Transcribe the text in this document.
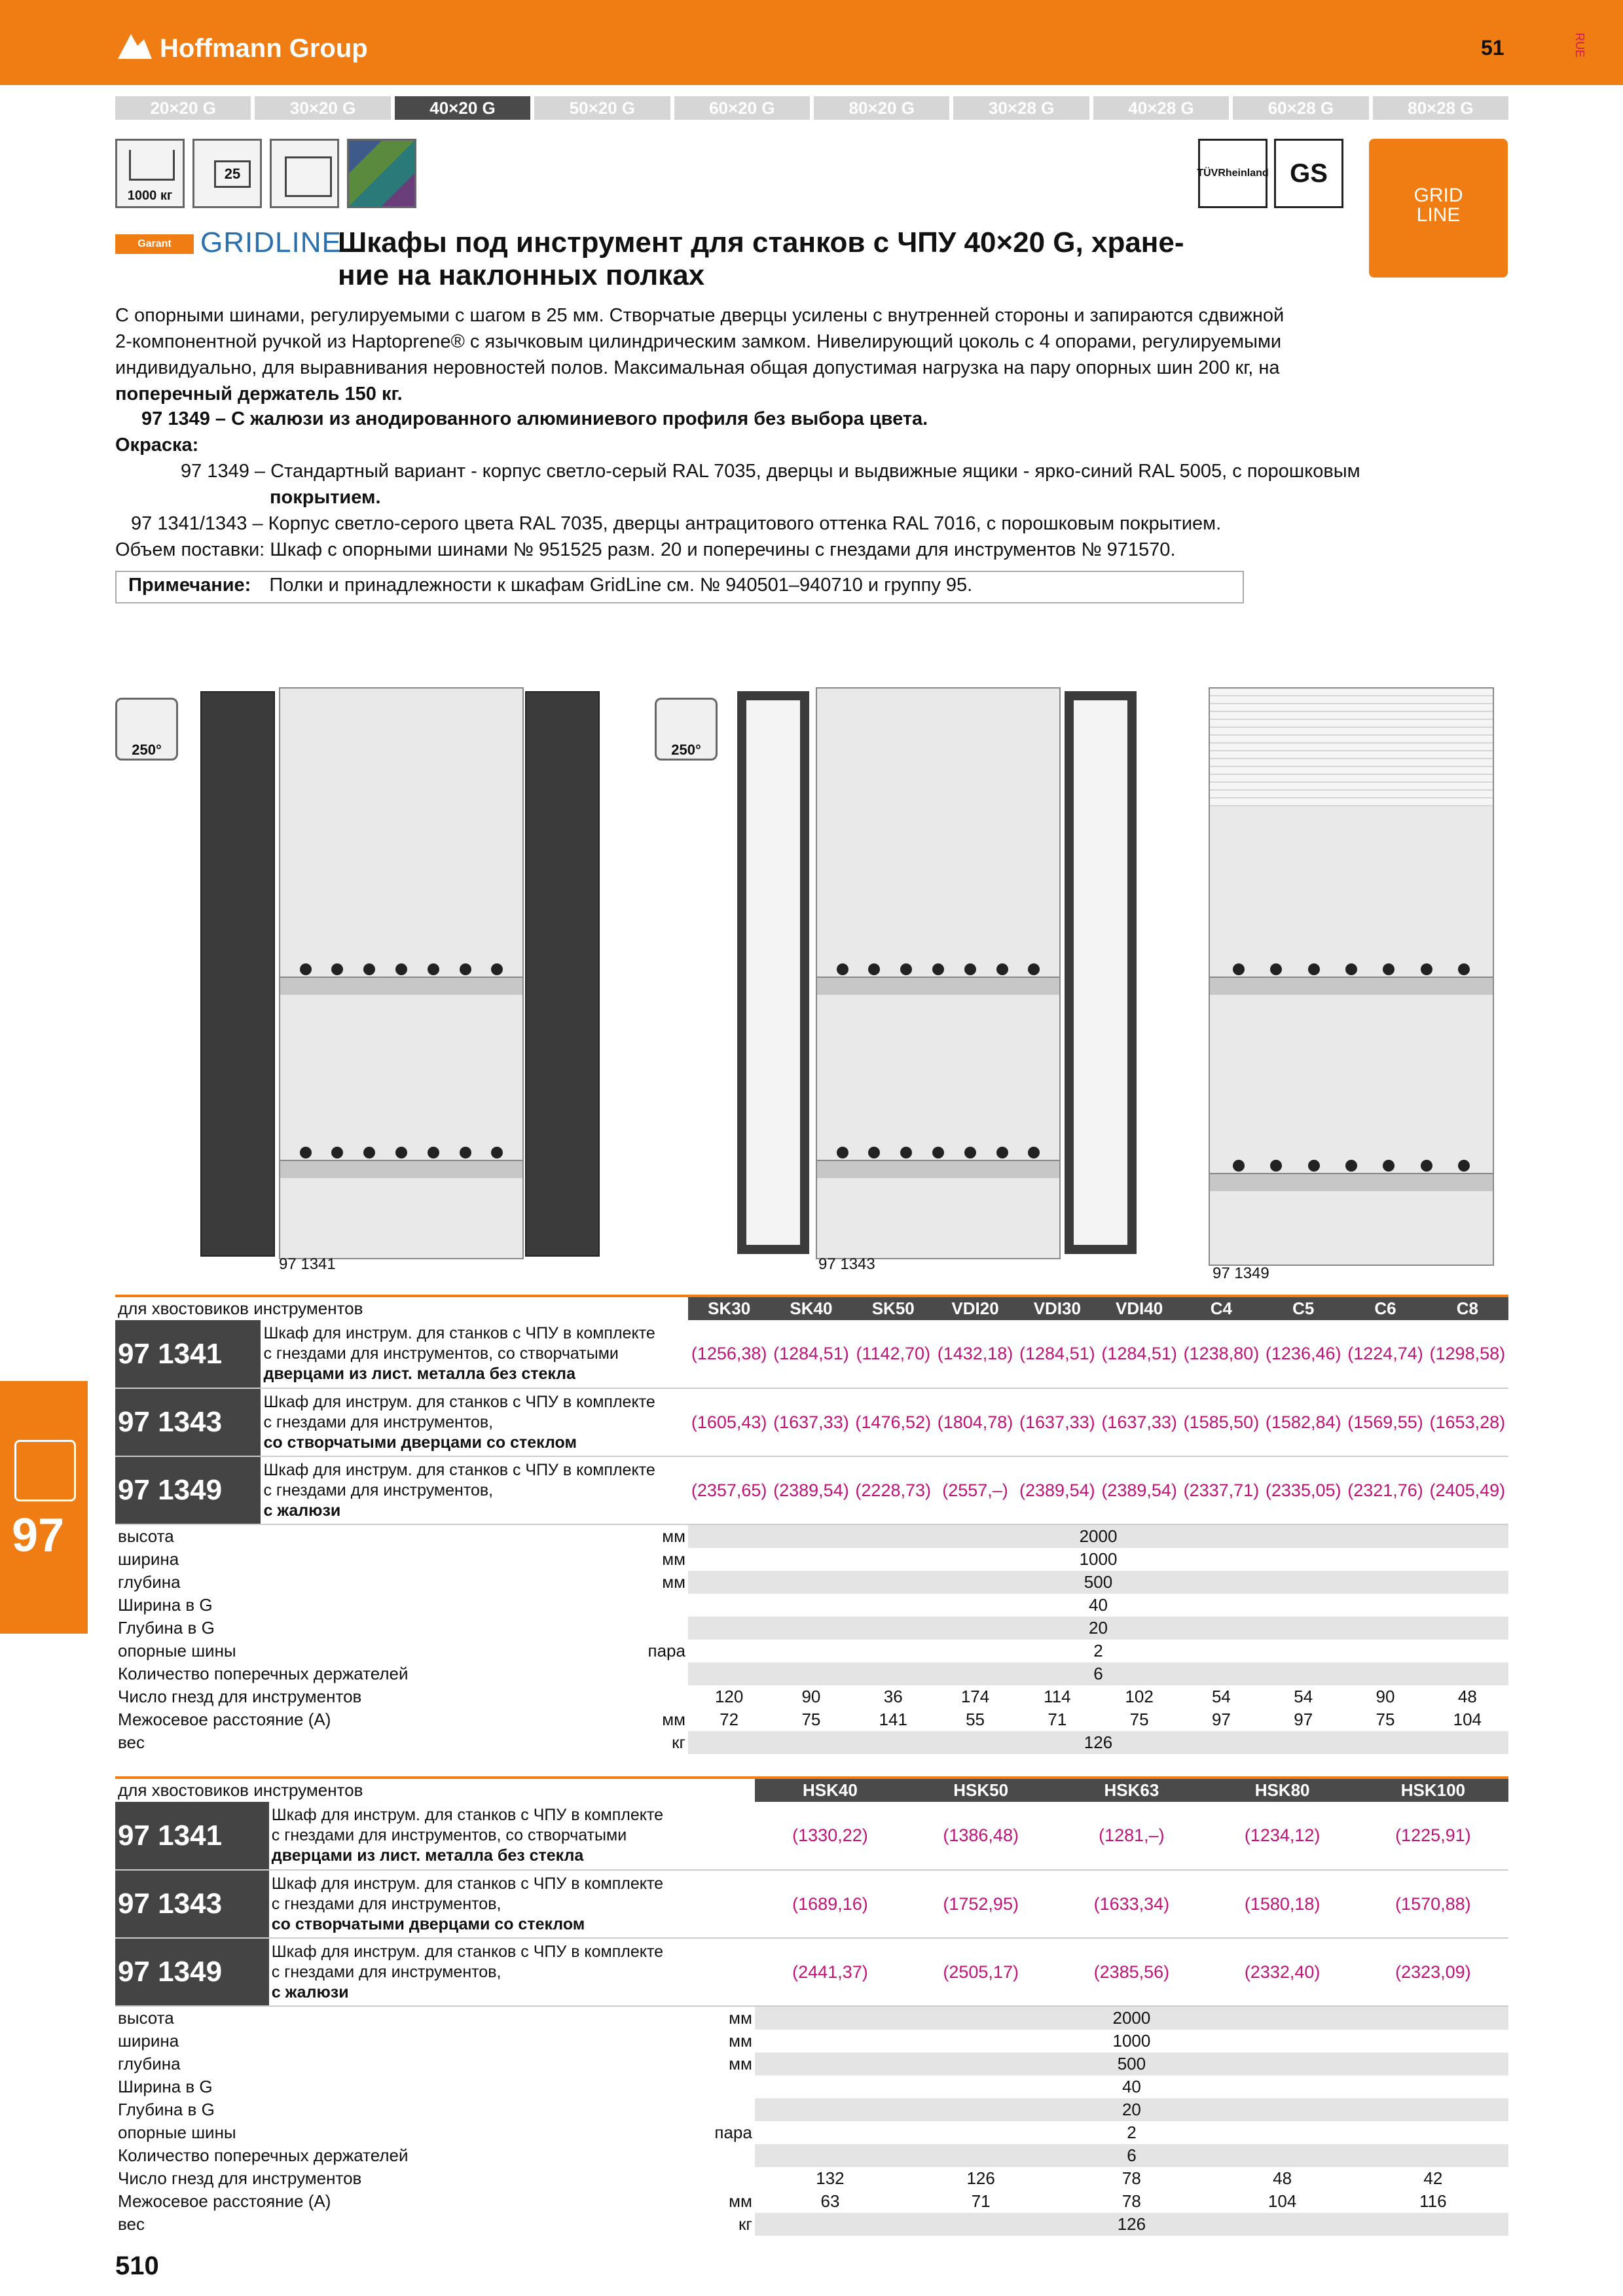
Hoffmann Group	51	RUE
20×20 G	30×20 G	40×20 G	50×20 G	60×20 G	80×20 G	30×28 G	40×28 G	60×28 G	80×28 G
1000 кг
25	TÜVRheinland GS
GRID
LINE
Garant	GRIDLINE
Шкафы под инструмент для станков с ЧПУ 40×20 G, хране-ние на наклонных полках
С опорными шинами, регулируемыми с шагом в 25 мм. Створчатые дверцы усилены с внутренней стороны и запираются сдвижной
2-компонентной ручкой из Haptoprene® с язычковым цилиндрическим замком. Нивелирующий цоколь с 4 опорами, регулируемыми
индивидуально, для выравнивания неровностей полов. Максимальная общая допустимая нагрузка на пару опорных шин 200 кг, на
поперечный держатель 150 кг.
97 1349 – С жалюзи из анодированного алюминиевого профиля без выбора цвета.
Окраска:
97 1349 – Стандартный вариант - корпус светло-серый RAL 7035, дверцы и выдвижные ящики - ярко-синий RAL 5005, с порошковым
покрытием.
97 1341/1343 – Корпус светло-серого цвета RAL 7035, дверцы антрацитового оттенка RAL 7016, с порошковым покрытием.
Объем поставки: Шкаф с опорными шинами № 951525 разм. 20 и поперечины с гнездами для инструментов № 971570.
Примечание: Полки и принадлежности к шкафам GridLine см. № 940501–940710 и группу 95.
250°
97 1341
250°
97 1343
97 1349
для хвостовиков инструментов			SK30	SK40	SK50	VDI20	VDI30	VDI40	C4	C5	C6	C8
97 1341	Шкаф для инструм. для станков с ЧПУ в комплекте
с гнездами для инструментов, со створчатыми
дверцами из лист. металла без стекла		(1256,38)	(1284,51)	(1142,70)	(1432,18)	(1284,51)	(1284,51)	(1238,80)	(1236,46)	(1224,74)	(1298,58)
97 1343	Шкаф для инструм. для станков с ЧПУ в комплекте
с гнездами для инструментов,
со створчатыми дверцами со стеклом		(1605,43)	(1637,33)	(1476,52)	(1804,78)	(1637,33)	(1637,33)	(1585,50)	(1582,84)	(1569,55)	(1653,28)
97 1349	Шкаф для инструм. для станков с ЧПУ в комплекте
с гнездами для инструментов,
с жалюзи		(2357,65)	(2389,54)	(2228,73)	(2557,–)	(2389,54)	(2389,54)	(2337,71)	(2335,05)	(2321,76)	(2405,49)
высота		мм	2000									
ширина		мм	1000									
глубина		мм	500									
Ширина в G			40									
Глубина в G			20									
опорные шины		пара	2									
Количество поперечных держателей			6									
Число гнезд для инструментов			120	90	36	174	114	102	54	54	90	48
Межосевое расстояние (A)		мм	72	75	141	55	71	75	97	97	75	104
вес		кг	126									
для хвостовиков инструментов			HSK40	HSK50	HSK63	HSK80	HSK100
97 1341	Шкаф для инструм. для станков с ЧПУ в комплекте
с гнездами для инструментов, со створчатыми
дверцами из лист. металла без стекла		(1330,22)	(1386,48)	(1281,–)	(1234,12)	(1225,91)
97 1343	Шкаф для инструм. для станков с ЧПУ в комплекте
с гнездами для инструментов,
со створчатыми дверцами со стеклом		(1689,16)	(1752,95)	(1633,34)	(1580,18)	(1570,88)
97 1349	Шкаф для инструм. для станков с ЧПУ в комплекте
с гнездами для инструментов,
с жалюзи		(2441,37)	(2505,17)	(2385,56)	(2332,40)	(2323,09)
высота		мм	2000				
ширина		мм	1000				
глубина		мм	500				
Ширина в G			40				
Глубина в G			20				
опорные шины		пара	2				
Количество поперечных держателей			6				
Число гнезд для инструментов			132	126	78	48	42
Межосевое расстояние (A)		мм	63	71	78	104	116
вес		кг	126				
97
510
